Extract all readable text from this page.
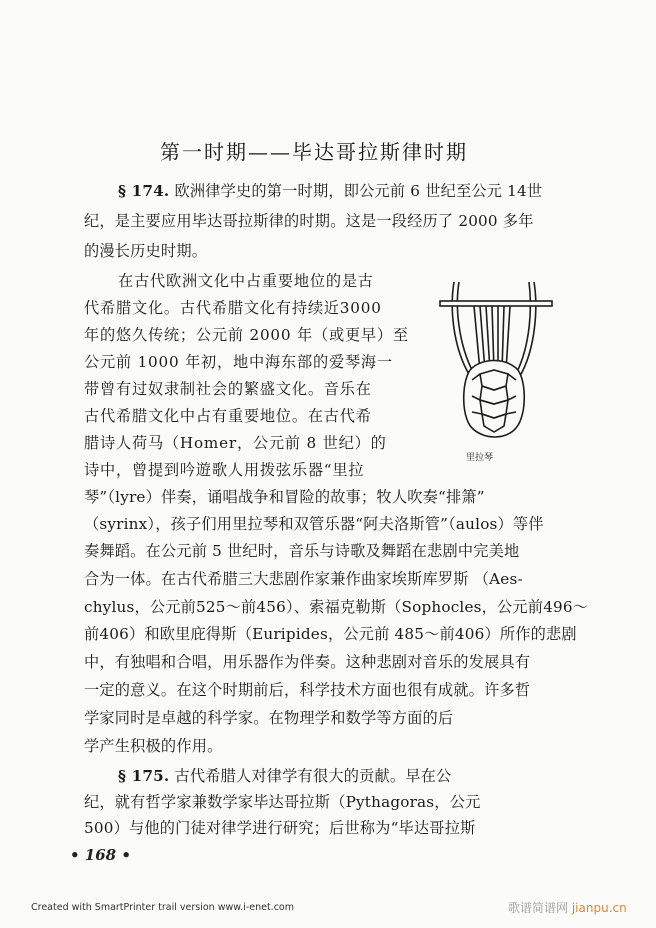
第一时期——毕达哥拉斯律时期
§ 174. 欧洲律学史的第一时期，即公元前 6 世纪至公元 14世
纪，是主要应用毕达哥拉斯律的时期。这是一段经历了 2000 多年
的漫长历史时期。
在古代欧洲文化中占重要地位的是古
代希腊文化。古代希腊文化有持续近3000
年的悠久传统；公元前 2000 年（或更早）至
公元前 1000 年初，地中海东部的爱琴海一
带曾有过奴隶制社会的繁盛文化。音乐在
古代希腊文化中占有重要地位。在古代希
腊诗人荷马（Homer，公元前 8 世纪）的
诗中，曾提到吟遊歌人用拨弦乐器“里拉
琴”（lyre）伴奏，诵唱战争和冒险的故事；牧人吹奏“排箫”
（syrinx），孩子们用里拉琴和双管乐器“阿夫洛斯管”（aulos）等伴
奏舞蹈。在公元前 5 世纪时，音乐与诗歌及舞蹈在悲剧中完美地
合为一体。在古代希腊三大悲剧作家兼作曲家埃斯库罗斯 （Aes-
chylus，公元前525～前456）、索福克勒斯（Sophocles，公元前496～
前406）和欧里庇得斯（Euripides，公元前 485～前406）所作的悲剧
中，有独唱和合唱，用乐器作为伴奏。这种悲剧对音乐的发展具有
一定的意义。在这个时期前后，科学技术方面也很有成就。许多哲
学家同时是卓越的科学家。在物理学和数学等方面的后
学产生积极的作用。
§ 175. 古代希腊人对律学有很大的贡献。早在公
纪，就有哲学家兼数学家毕达哥拉斯（Pythagoras，公元
500）与他的门徒对律学进行研究；后世称为“毕达哥拉斯
里拉琴
• 168 •
Created with SmartPrinter trail version www.i-enet.com	歌谱简谱网 jianpu.cn
